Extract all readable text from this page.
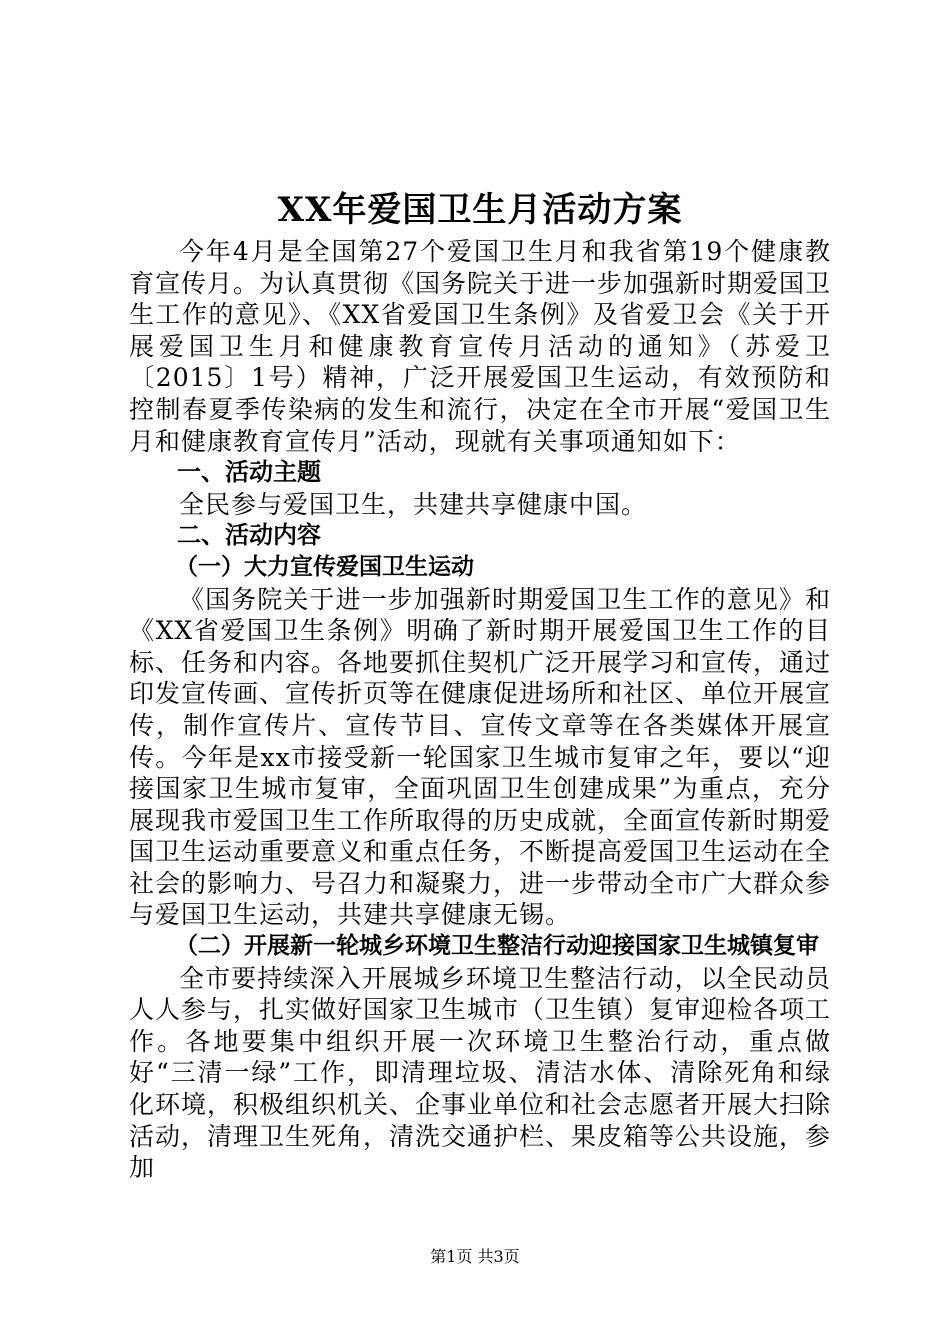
XX年爱国卫生月活动方案

今年4月是全国第27个爱国卫生月和我省第19个健康教育宣传月。为认真贯彻《国务院关于进一步加强新时期爱国卫生工作的意见》、《XX省爱国卫生条例》及省爱卫会《关于开展爱国卫生月和健康教育宣传月活动的通知》（苏爱卫〔2015〕1号）精神，广泛开展爱国卫生运动，有效预防和控制春夏季传染病的发生和流行，决定在全市开展“爱国卫生月和健康教育宣传月”活动，现就有关事项通知如下：

一、活动主题

全民参与爱国卫生，共建共享健康中国。

二、活动内容

（一）大力宣传爱国卫生运动

《国务院关于进一步加强新时期爱国卫生工作的意见》和《XX省爱国卫生条例》明确了新时期开展爱国卫生工作的目标、任务和内容。各地要抓住契机广泛开展学习和宣传，通过印发宣传画、宣传折页等在健康促进场所和社区、单位开展宣传，制作宣传片、宣传节目、宣传文章等在各类媒体开展宣传。今年是xx市接受新一轮国家卫生城市复审之年，要以“迎接国家卫生城市复审，全面巩固卫生创建成果”为重点，充分展现我市爱国卫生工作所取得的历史成就，全面宣传新时期爱国卫生运动重要意义和重点任务，不断提高爱国卫生运动在全社会的影响力、号召力和凝聚力，进一步带动全市广大群众参与爱国卫生运动，共建共享健康无锡。

（二）开展新一轮城乡环境卫生整洁行动迎接国家卫生城镇复审

全市要持续深入开展城乡环境卫生整洁行动，以全民动员人人参与，扎实做好国家卫生城市（卫生镇）复审迎检各项工作。各地要集中组织开展一次环境卫生整治行动，重点做好“三清一绿”工作，即清理垃圾、清洁水体、清除死角和绿化环境，积极组织机关、企事业单位和社会志愿者开展大扫除活动，清理卫生死角，清洗交通护栏、果皮箱等公共设施，参加

第1页 共3页
